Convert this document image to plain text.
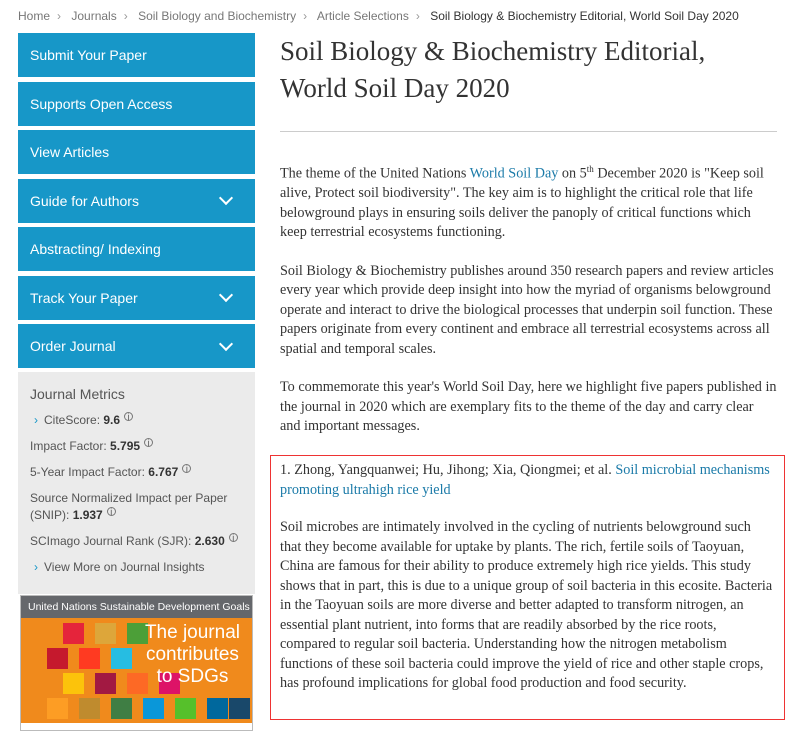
Home › Journals › Soil Biology and Biochemistry › Article Selections › Soil Biology & Biochemistry Editorial, World Soil Day 2020
Submit Your Paper
Supports Open Access
View Articles
Guide for Authors
Abstracting/ Indexing
Track Your Paper
Order Journal
Journal Metrics
› CiteScore: 9.6 i
Impact Factor: 5.795 i
5-Year Impact Factor: 6.767 i
Source Normalized Impact per Paper (SNIP): 1.937 i
SCImago Journal Rank (SJR): 2.630 i
› View More on Journal Insights
United Nations Sustainable Development Goals
The journal
contributes
to SDGs
Soil Biology & Biochemistry Editorial, World Soil Day 2020

The theme of the United Nations World Soil Day on 5th December 2020 is "Keep soil alive, Protect soil biodiversity". The key aim is to highlight the critical role that life belowground plays in ensuring soils deliver the panoply of critical functions which keep terrestrial ecosystems functioning.

Soil Biology & Biochemistry publishes around 350 research papers and review articles every year which provide deep insight into how the myriad of organisms belowground operate and interact to drive the biological processes that underpin soil function. These papers originate from every continent and embrace all terrestrial ecosystems across all spatial and temporal scales.

To commemorate this year's World Soil Day, here we highlight five papers published in the journal in 2020 which are exemplary fits to the theme of the day and carry clear and important messages.

1. Zhong, Yangquanwei; Hu, Jihong; Xia, Qiongmei; et al. Soil microbial mechanisms promoting ultrahigh rice yield

Soil microbes are intimately involved in the cycling of nutrients belowground such that they become available for uptake by plants. The rich, fertile soils of Taoyuan, China are famous for their ability to produce extremely high rice yields. This study shows that in part, this is due to a unique group of soil bacteria in this ecosite. Bacteria in the Taoyuan soils are more diverse and better adapted to transform nitrogen, an essential plant nutrient, into forms that are readily absorbed by the rice roots, compared to regular soil bacteria. Understanding how the nitrogen metabolism functions of these soil bacteria could improve the yield of rice and other staple crops, has profound implications for global food production and food security.
